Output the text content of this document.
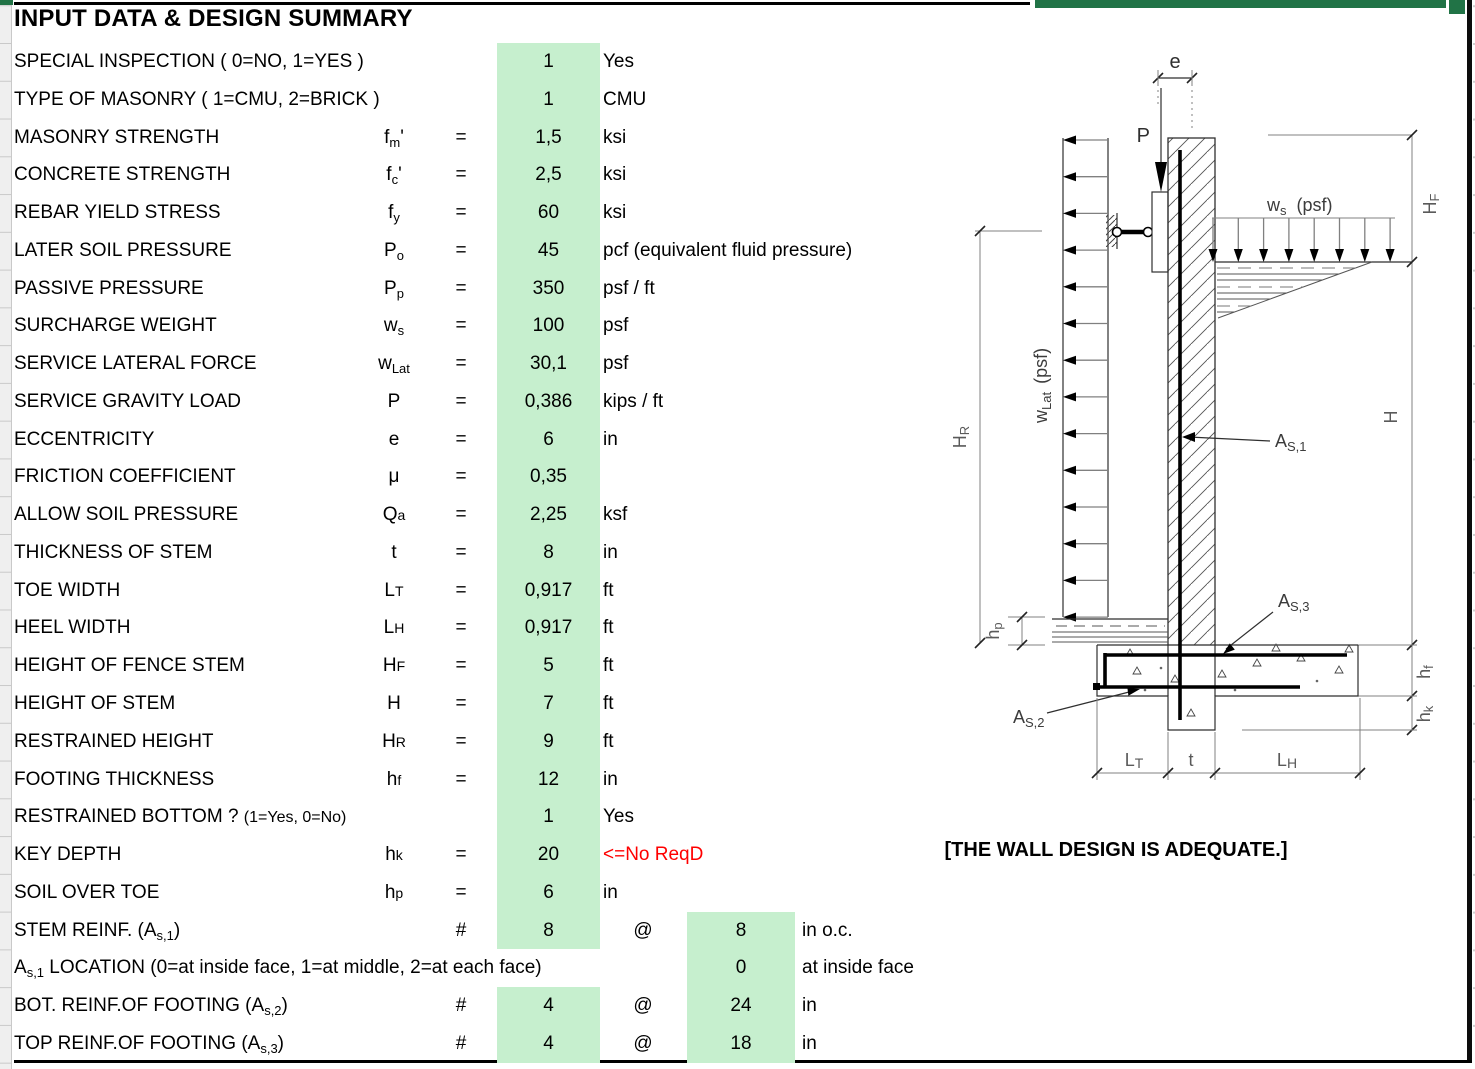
INPUT DATA & DESIGN SUMMARY
SPECIAL INSPECTION ( 0=NO, 1=YES )	1	Yes
TYPE OF MASONRY ( 1=CMU, 2=BRICK )	1	CMU
MASONRY STRENGTH	$f_m'$	=	1,5	ksi
CONCRETE STRENGTH	$f_c'$	=	2,5	ksi
REBAR YIELD STRESS	$f_y$	=	60	ksi
LATER SOIL PRESSURE	$P_o$	=	45	pcf (equivalent fluid pressure)
PASSIVE PRESSURE	$P_p$	=	350	psf / ft
SURCHARGE WEIGHT	$w_s$	=	100	psf
SERVICE LATERAL FORCE	$w_{Lat}$	=	30,1	psf
SERVICE GRAVITY LOAD	P	=	0,386	kips / ft
ECCENTRICITY	e	=	6	in
FRICTION COEFFICIENT	μ	=	0,35
ALLOW SOIL PRESSURE	Qa	=	2,25	ksf
THICKNESS OF STEM	t	=	8	in
TOE WIDTH	LT	=	0,917	ft
HEEL WIDTH	LH	=	0,917	ft
HEIGHT OF FENCE STEM	HF	=	5	ft
HEIGHT OF STEM	H	=	7	ft
RESTRAINED HEIGHT	HR	=	9	ft
FOOTING THICKNESS	hf	=	12	in
RESTRAINED BOTTOM ? (1=Yes, 0=No)	1	Yes
KEY DEPTH	hk	=	20	<=No ReqD
SOIL OVER TOE	hp	=	6	in
STEM REINF. $(A_{s,1})$	#	8	@	8	in o.c.
$A_{s,1}$ LOCATION (0=at inside face, 1=at middle, 2=at each face)	0	at inside face
BOT. REINF.OF FOOTING $(A_{s,2})$	#	4	@	24	in
TOP REINF.OF FOOTING $(A_{s,3})$	#	4	@	18	in
[THE WALL DESIGN IS ADEQUATE.]
e
P
$w_{Lat}(psf)$
HR
$w_s$ (psf)	HF
H
hf
hk
hp
$A_{S,1}$
$A_{S,3}$
$A_{S,2}$
LT	t	LH
